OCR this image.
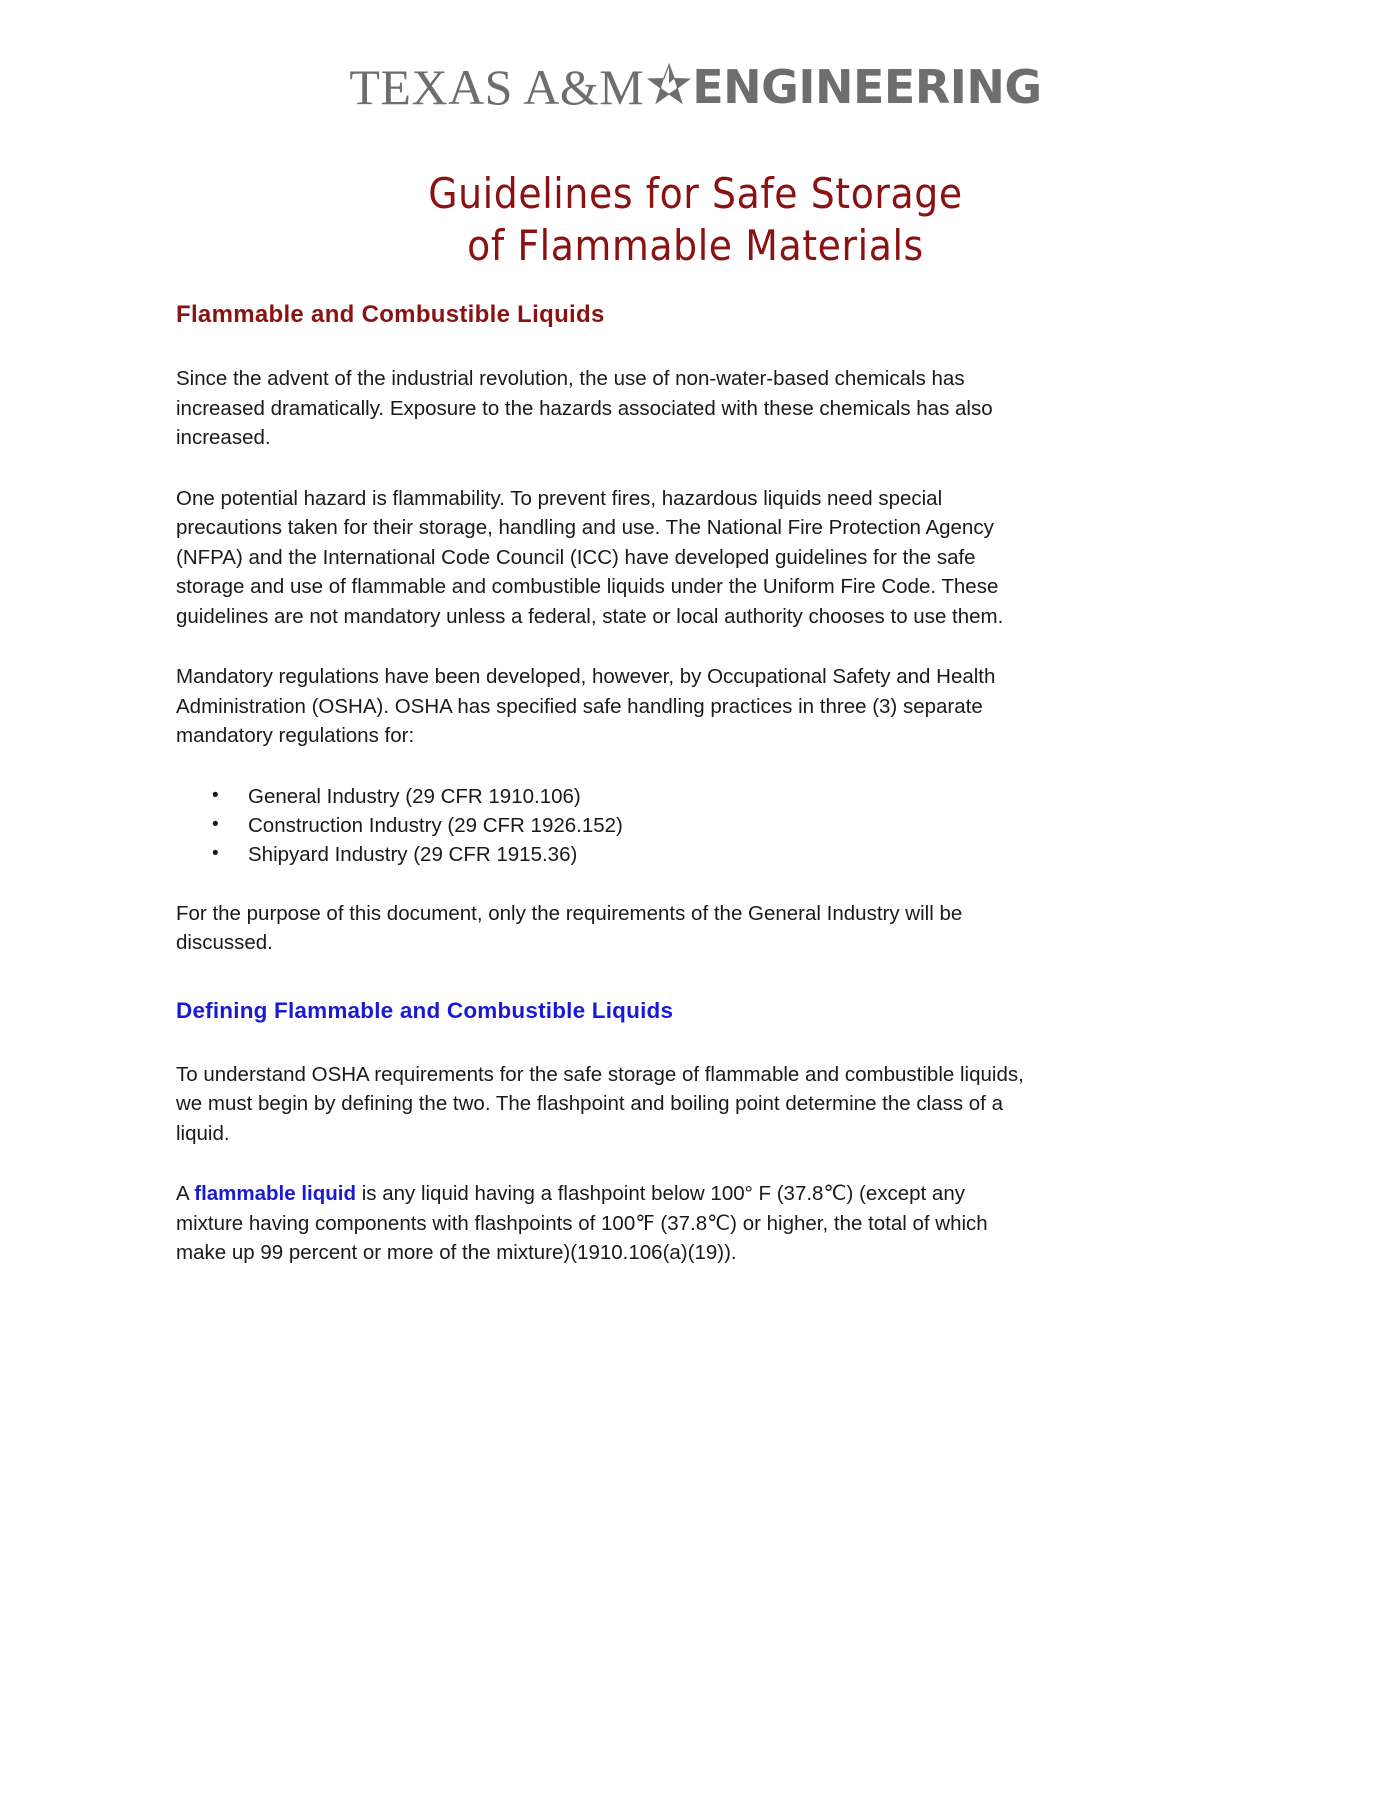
TEXAS A&M ENGINEERING
Guidelines for Safe Storage
of Flammable Materials
Flammable and Combustible Liquids

Since the advent of the industrial revolution, the use of non-water-based chemicals has increased dramatically. Exposure to the hazards associated with these chemicals has also increased.

One potential hazard is flammability. To prevent fires, hazardous liquids need special precautions taken for their storage, handling and use. The National Fire Protection Agency (NFPA) and the International Code Council (ICC) have developed guidelines for the safe storage and use of flammable and combustible liquids under the Uniform Fire Code. These guidelines are not mandatory unless a federal, state or local authority chooses to use them.

Mandatory regulations have been developed, however, by Occupational Safety and Health Administration (OSHA). OSHA has specified safe handling practices in three (3) separate mandatory regulations for:

• General Industry (29 CFR 1910.106)
• Construction Industry (29 CFR 1926.152)
• Shipyard Industry (29 CFR 1915.36)

For the purpose of this document, only the requirements of the General Industry will be discussed.

Defining Flammable and Combustible Liquids

To understand OSHA requirements for the safe storage of flammable and combustible liquids, we must begin by defining the two. The flashpoint and boiling point determine the class of a liquid.

A flammable liquid is any liquid having a flashpoint below 100° F (37.8℃) (except any mixture having components with flashpoints of 100℉ (37.8℃) or higher, the total of which make up 99 percent or more of the mixture)(1910.106(a)(19)).
